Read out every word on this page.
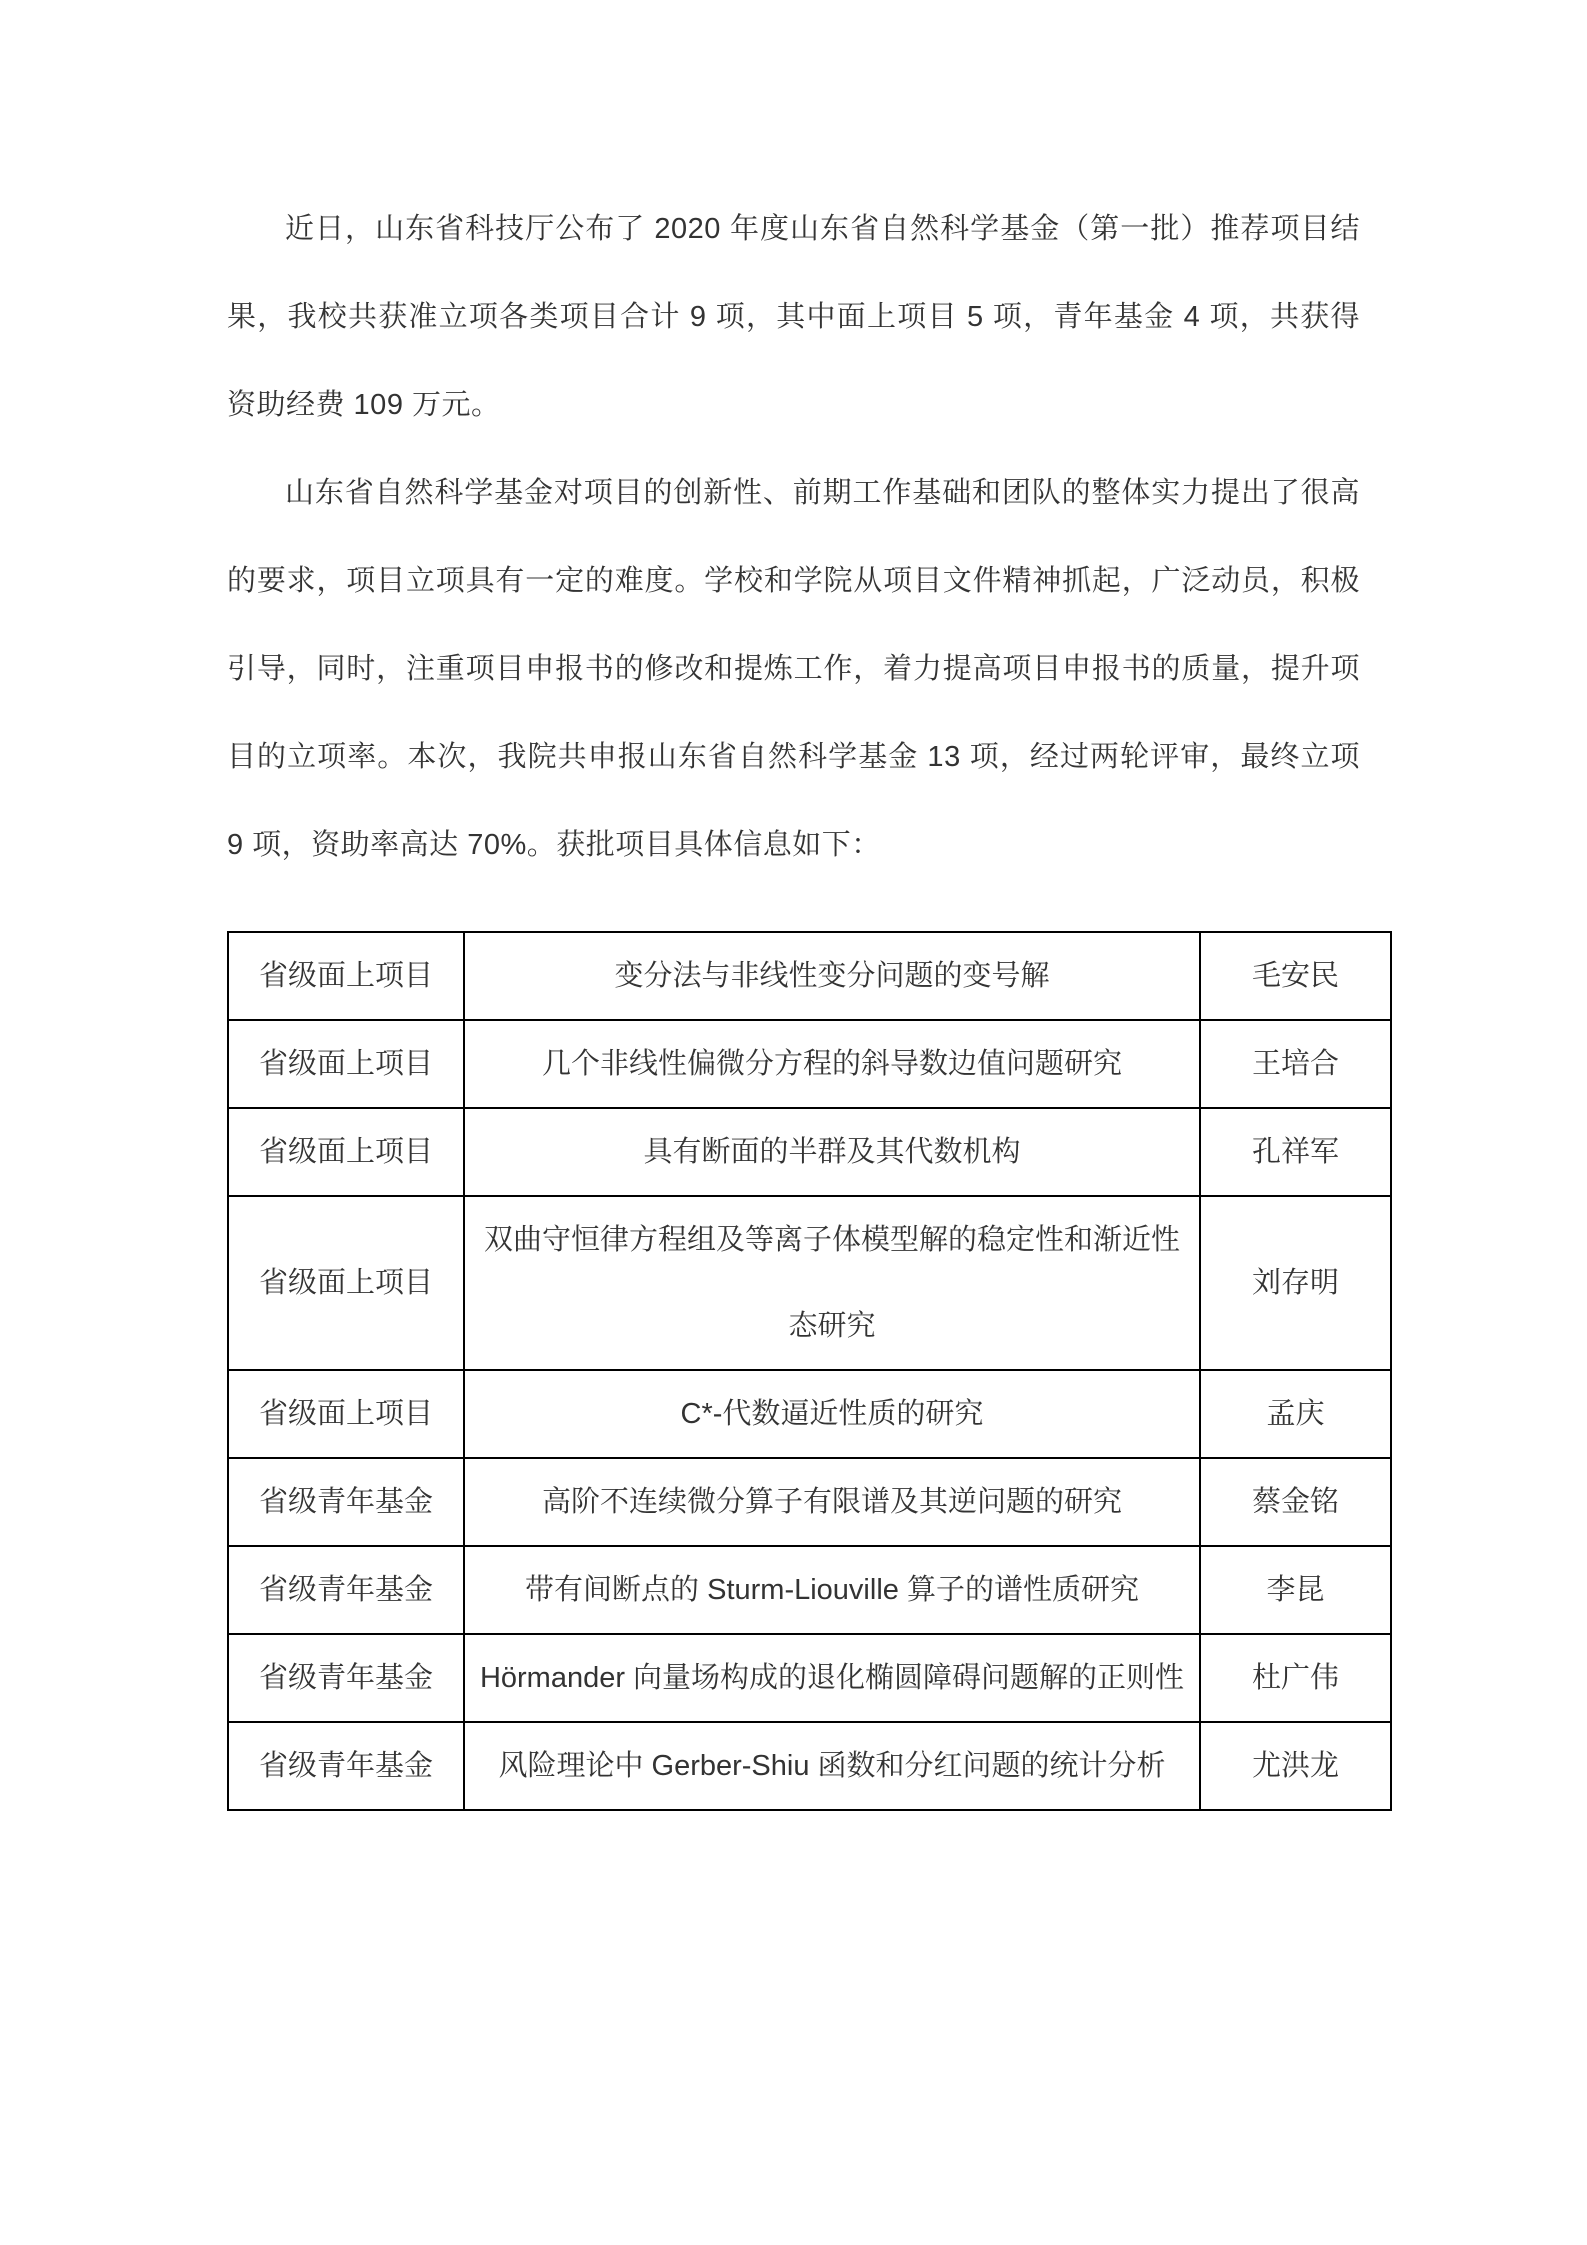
近日，山东省科技厅公布了 2020 年度山东省自然科学基金（第一批）推荐项目结果，我校共获准立项各类项目合计 9 项，其中面上项目 5 项，青年基金 4 项，共获得资助经费 109 万元。

山东省自然科学基金对项目的创新性、前期工作基础和团队的整体实力提出了很高的要求，项目立项具有一定的难度。学校和学院从项目文件精神抓起，广泛动员，积极引导，同时，注重项目申报书的修改和提炼工作，着力提高项目申报书的质量，提升项目的立项率。本次，我院共申报山东省自然科学基金 13 项，经过两轮评审，最终立项 9 项，资助率高达 70%。获批项目具体信息如下：

省级面上项目	变分法与非线性变分问题的变号解	毛安民
省级面上项目	几个非线性偏微分方程的斜导数边值问题研究	王培合
省级面上项目	具有断面的半群及其代数机构	孔祥军
省级面上项目	双曲守恒律方程组及等离子体模型解的稳定性和渐近性态研究	刘存明
省级面上项目	C*-代数逼近性质的研究	孟庆
省级青年基金	高阶不连续微分算子有限谱及其逆问题的研究	蔡金铭
省级青年基金	带有间断点的 Sturm-Liouville 算子的谱性质研究	李昆
省级青年基金	Hörmander 向量场构成的退化椭圆障碍问题解的正则性	杜广伟
省级青年基金	风险理论中 Gerber-Shiu 函数和分红问题的统计分析	尤洪龙
